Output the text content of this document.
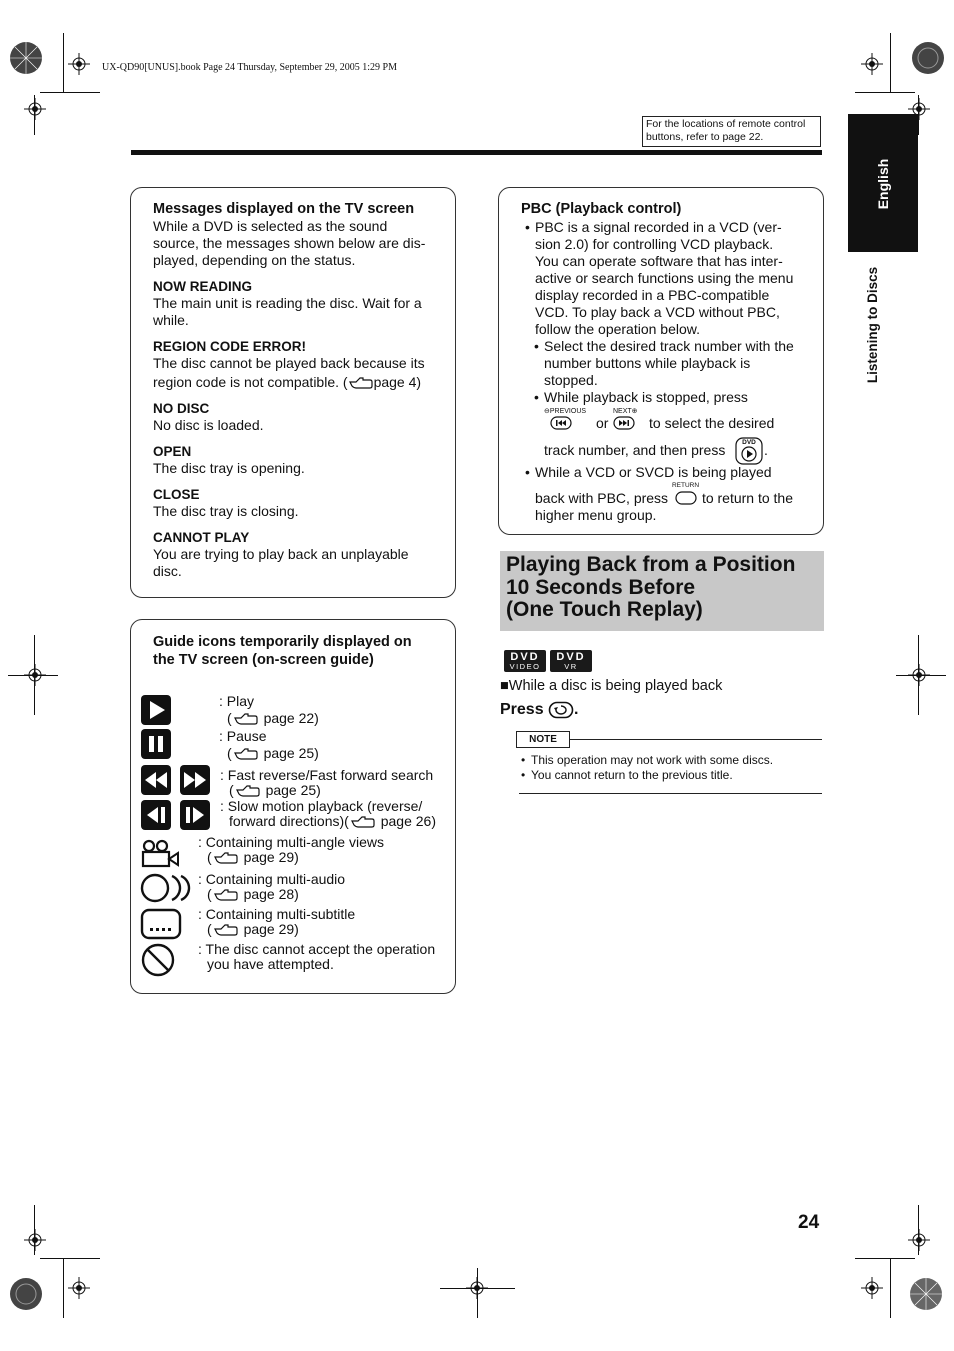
UX-QD90[UNUS].book Page 24 Thursday, September 29, 2005 1:29 PM
For the locations of remote control
buttons, refer to page 22.
English
Listening to Discs
Messages displayed on the TV screen
While a DVD is selected as the sound
source, the messages shown below are dis-
played, depending on the status.
NOW READING
The main unit is reading the disc. Wait for a
while.
REGION CODE ERROR!
The disc cannot be played back because its
region code is not compatible. ( page 4)
NO DISC
No disc is loaded.
OPEN
The disc tray is opening.
CLOSE
The disc tray is closing.
CANNOT PLAY
You are trying to play back an unplayable
disc.
Guide icons temporarily displayed on
the TV screen (on-screen guide)
: Play
( page 22)
: Pause
( page 25)
: Fast reverse/Fast forward search
( page 25)
: Slow motion playback (reverse/
forward directions)( page 26)
: Containing multi-angle views
( page 29)
: Containing multi-audio
( page 28)
: Containing multi-subtitle
( page 29)
: The disc cannot accept the operation
you have attempted.
PBC (Playback control)
• PBC is a signal recorded in a VCD (ver-
sion 2.0) for controlling VCD playback.
You can operate software that has inter-
active or search functions using the menu
display recorded in a PBC-compatible
VCD. To play back a VCD without PBC,
follow the operation below.
• Select the desired track number with the
number buttons while playback is
stopped.
• While playback is stopped, press
⊖PREVIOUS
or
NEXT⊕
to select the desired
track number, and then press	DVD .
• While a VCD or SVCD is being played
back with PBC, press
RETURN
to return to the
higher menu group.
Playing Back from a Position
10 Seconds Before
(One Touch Replay)
DVD
VIDEO
DVD
VR
■While a disc is being played back
Press .
NOTE
• This operation may not work with some discs.
• You cannot return to the previous title.
24
